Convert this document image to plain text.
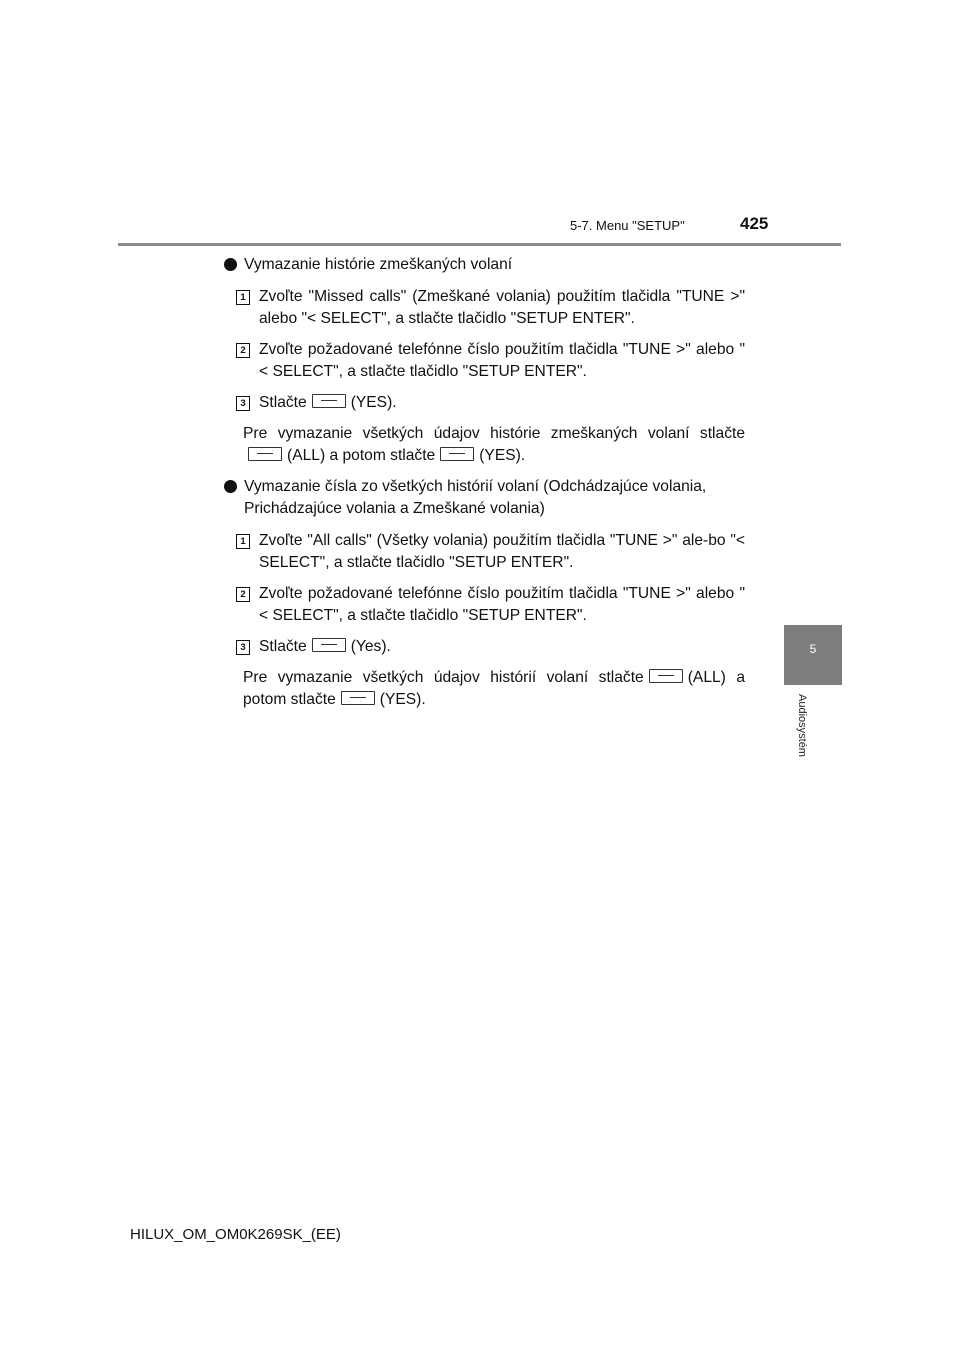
5-7. Menu "SETUP"	425
5
Audiosystém
Vymazanie histórie zmeškaných volaní
1 Zvoľte "Missed calls" (Zmeškané volania) použitím tlačidla "TUNE >" alebo "< SELECT", a stlačte tlačidlo "SETUP ENTER".
2 Zvoľte požadované telefónne číslo použitím tlačidla "TUNE >" alebo "< SELECT", a stlačte tlačidlo "SETUP ENTER".
3 Stlačte	(YES).
Pre vymazanie všetkých údajov histórie zmeškaných volaní stlačte (ALL) a potom stlačte	(YES).
Vymazanie čísla zo všetkých histórií volaní (Odchádzajúce volania, Prichádzajúce volania a Zmeškané volania)
1 Zvoľte "All calls" (Všetky volania) použitím tlačidla "TUNE >" ale-bo "< SELECT", a stlačte tlačidlo "SETUP ENTER".
2 Zvoľte požadované telefónne číslo použitím tlačidla "TUNE >" alebo "< SELECT", a stlačte tlačidlo "SETUP ENTER".
3 Stlačte	(Yes).
Pre vymazanie všetkých údajov histórií volaní stlačte	(ALL) a potom stlačte	(YES).
HILUX_OM_OM0K269SK_(EE)
